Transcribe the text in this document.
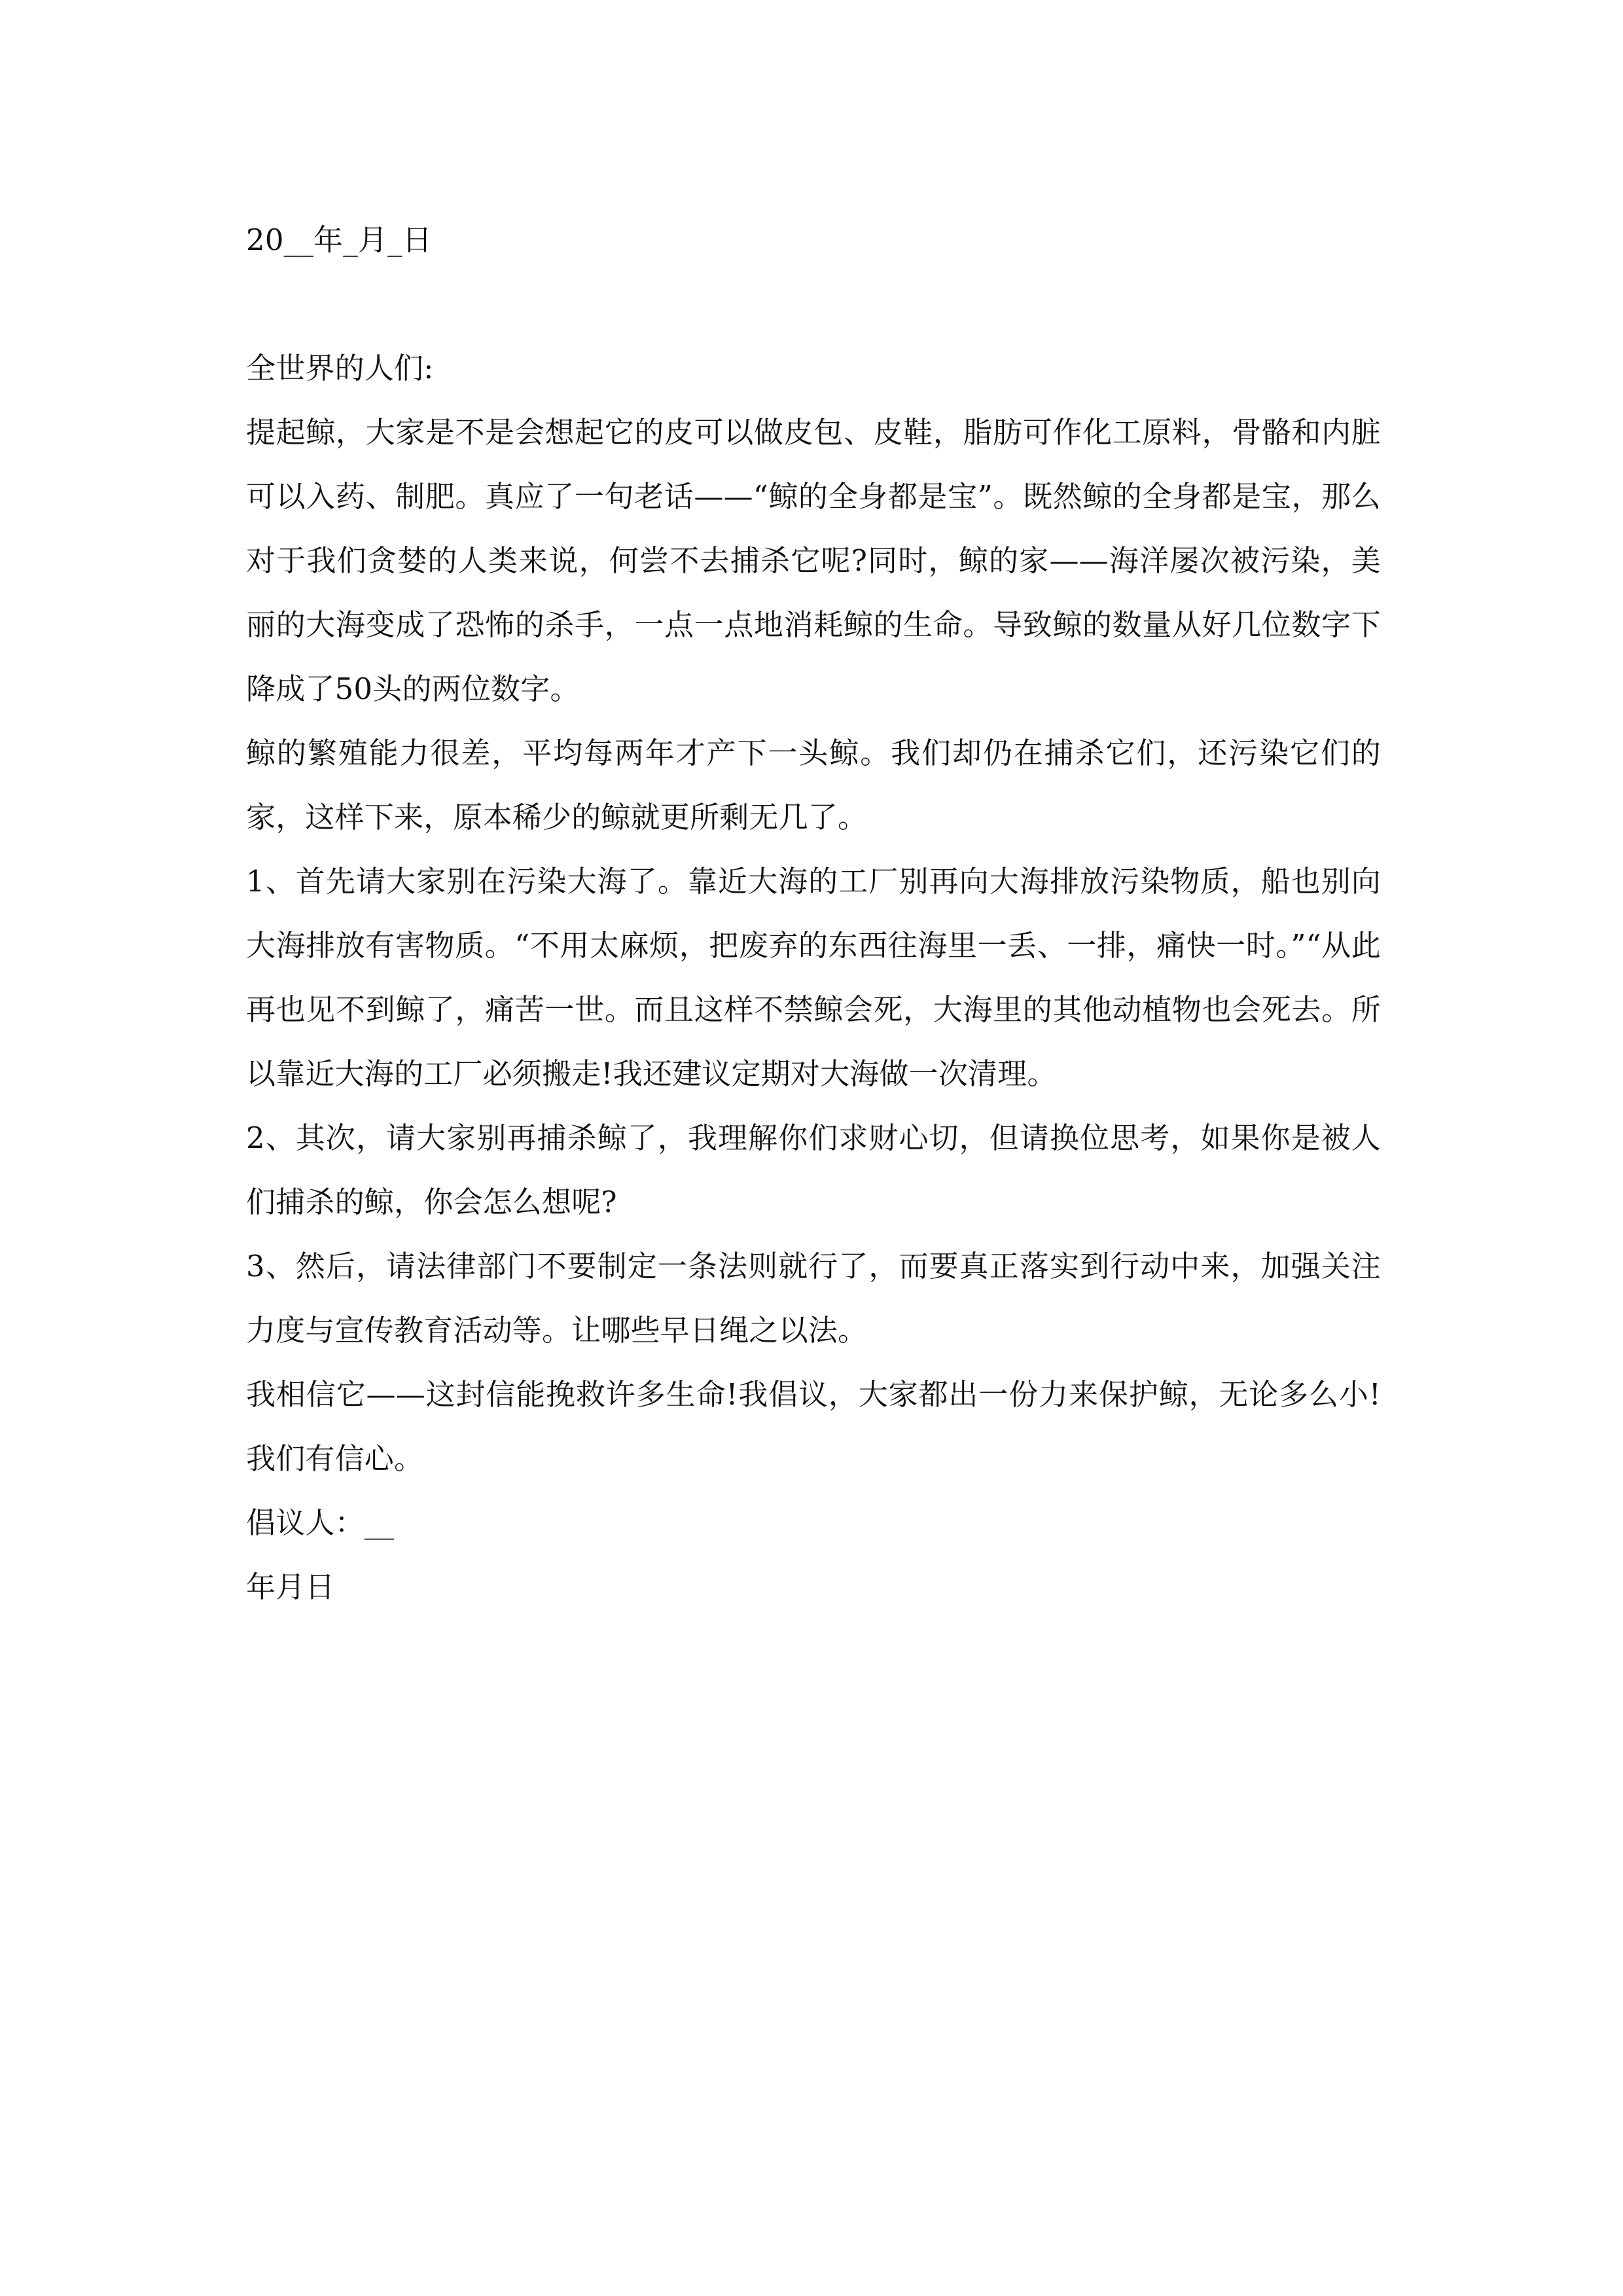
20__年_月_日

全世界的人们:

提起鲸，大家是不是会想起它的皮可以做皮包、皮鞋，脂肪可作化工原料，骨骼和内脏可以入药、制肥。真应了一句老话——“鲸的全身都是宝”。既然鲸的全身都是宝，那么对于我们贪婪的人类来说，何尝不去捕杀它呢?同时，鲸的家——海洋屡次被污染，美丽的大海变成了恐怖的杀手，一点一点地消耗鲸的生命。导致鲸的数量从好几位数字下降成了50头的两位数字。

鲸的繁殖能力很差，平均每两年才产下一头鲸。我们却仍在捕杀它们，还污染它们的家，这样下来，原本稀少的鲸就更所剩无几了。

1、首先请大家别在污染大海了。靠近大海的工厂别再向大海排放污染物质，船也别向大海排放有害物质。“不用太麻烦，把废弃的东西往海里一丢、一排，痛快一时。”“从此再也见不到鲸了，痛苦一世。而且这样不禁鲸会死，大海里的其他动植物也会死去。所以靠近大海的工厂必须搬走!我还建议定期对大海做一次清理。

2、其次，请大家别再捕杀鲸了，我理解你们求财心切，但请换位思考，如果你是被人们捕杀的鲸，你会怎么想呢?

3、然后，请法律部门不要制定一条法则就行了，而要真正落实到行动中来，加强关注力度与宣传教育活动等。让哪些早日绳之以法。

我相信它——这封信能挽救许多生命!我倡议，大家都出一份力来保护鲸，无论多么小!我们有信心。

倡议人：__

年月日
